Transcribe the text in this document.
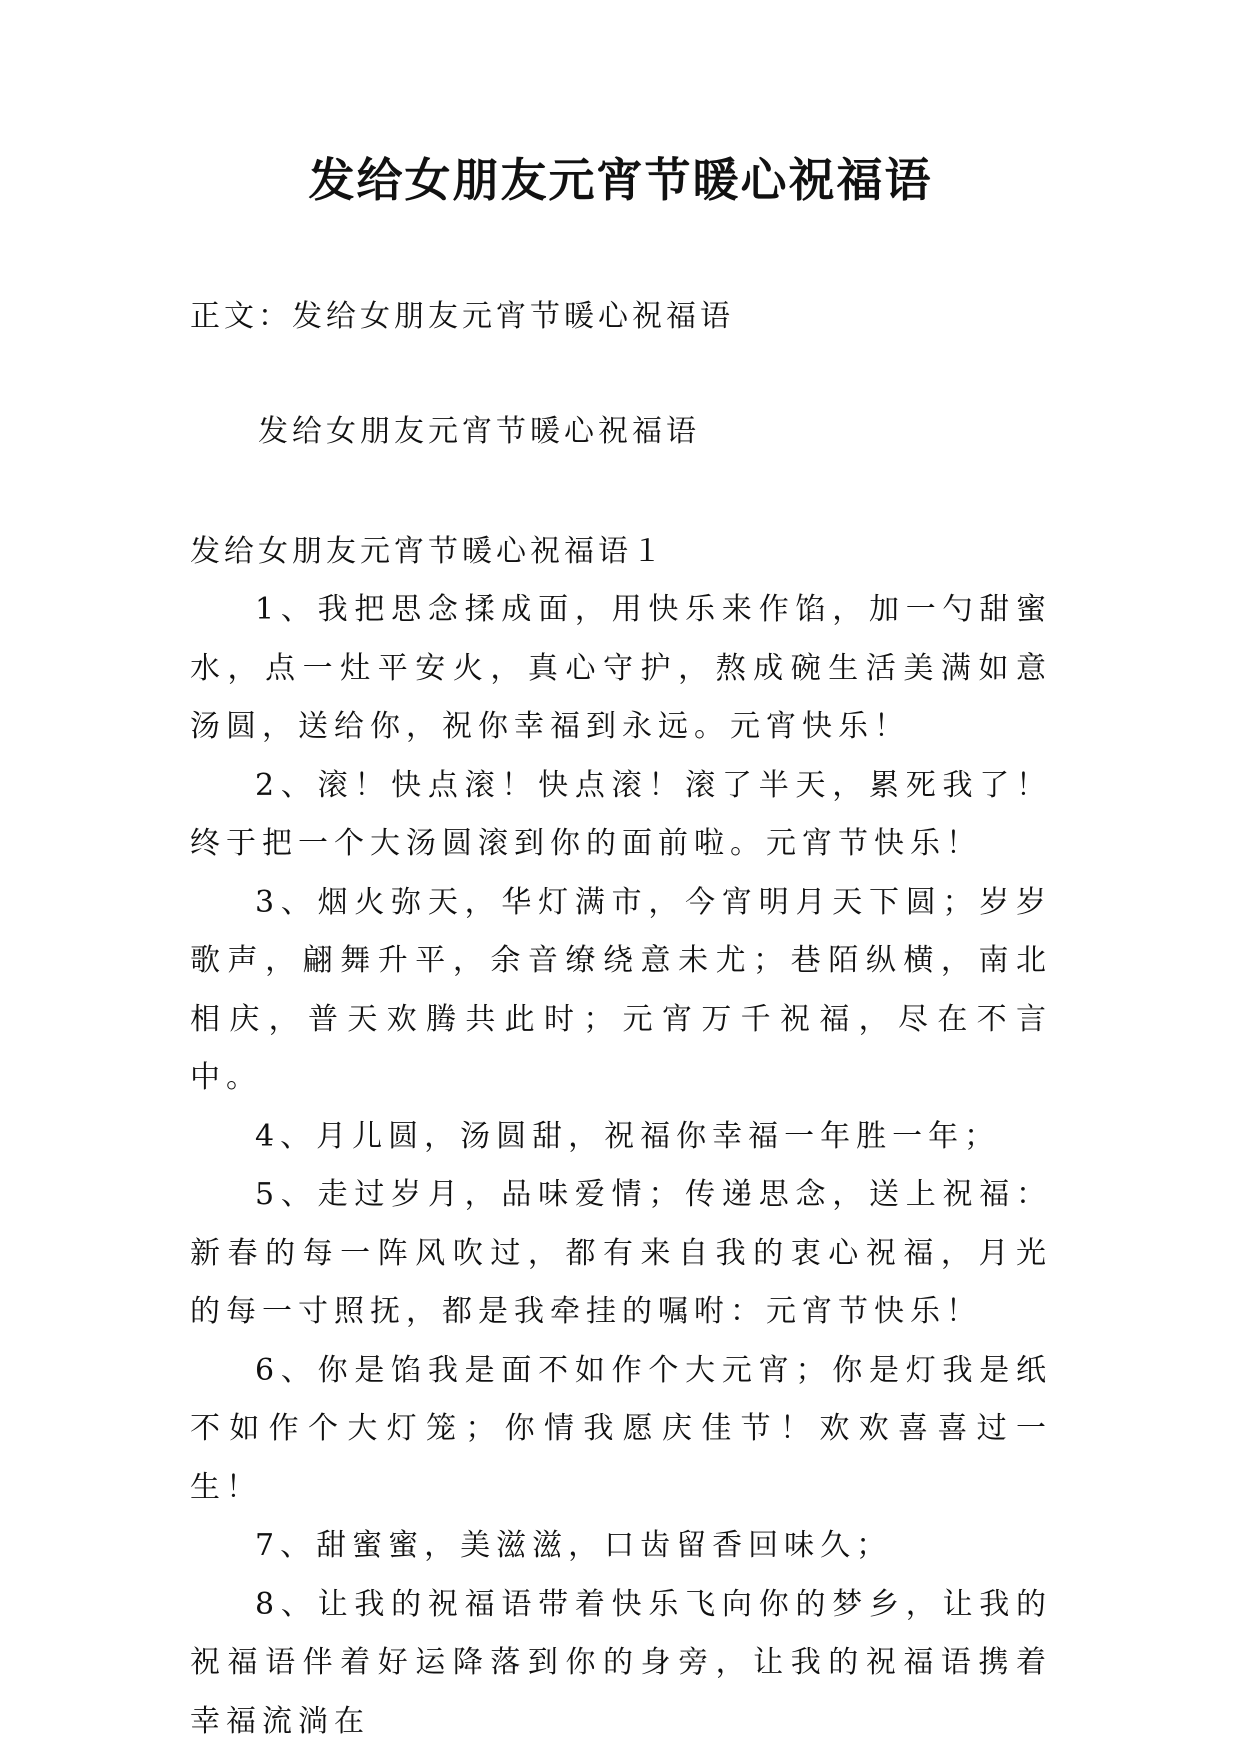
发给女朋友元宵节暖心祝福语
正文：发给女朋友元宵节暖心祝福语
发给女朋友元宵节暖心祝福语
发给女朋友元宵节暖心祝福语１

1、我把思念揉成面，用快乐来作馅，加一勺甜蜜水，点一灶平安火，真心守护，熬成碗生活美满如意汤圆，送给你，祝你幸福到永远。元宵快乐！

2、滚！快点滚！快点滚！滚了半天，累死我了！终于把一个大汤圆滚到你的面前啦。元宵节快乐！

3、烟火弥天，华灯满市，今宵明月天下圆；岁岁歌声，翩舞升平，余音缭绕意未尤；巷陌纵横，南北相庆，普天欢腾共此时；元宵万千祝福，尽在不言中。

4、月儿圆，汤圆甜，祝福你幸福一年胜一年；

5、走过岁月，品味爱情；传递思念，送上祝福：新春的每一阵风吹过，都有来自我的衷心祝福，月光的每一寸照抚，都是我牵挂的嘱咐：元宵节快乐！

6、你是馅我是面不如作个大元宵；你是灯我是纸不如作个大灯笼；你情我愿庆佳节！欢欢喜喜过一生！

7、甜蜜蜜，美滋滋，口齿留香回味久；

8、让我的祝福语带着快乐飞向你的梦乡，让我的祝福语伴着好运降落到你的身旁，让我的祝福语携着幸福流淌在
